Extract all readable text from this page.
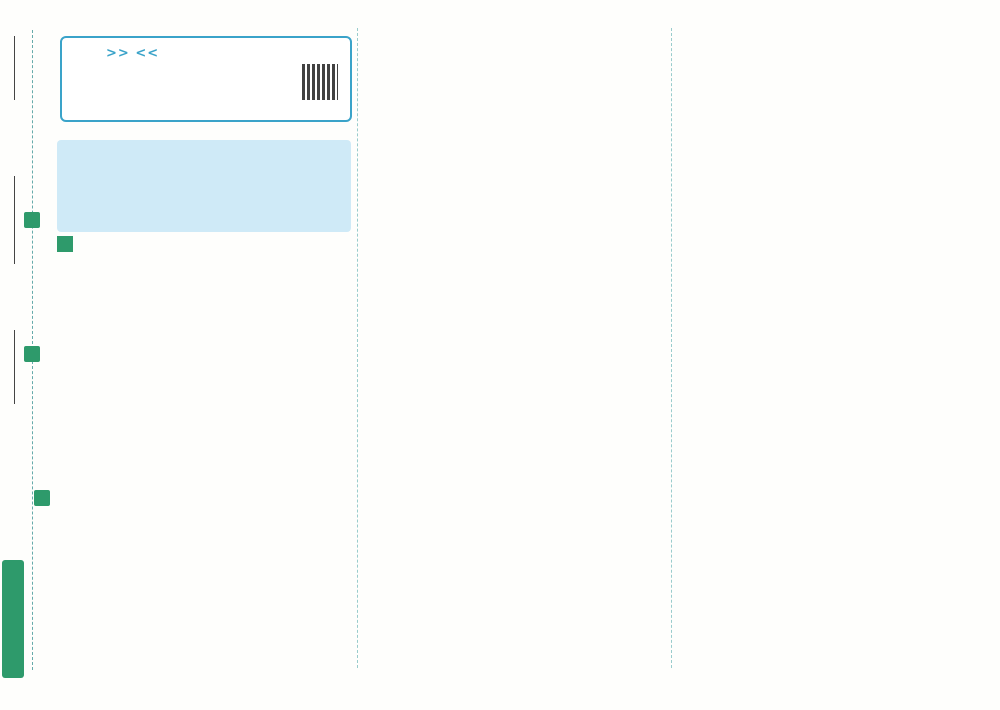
>> <<
